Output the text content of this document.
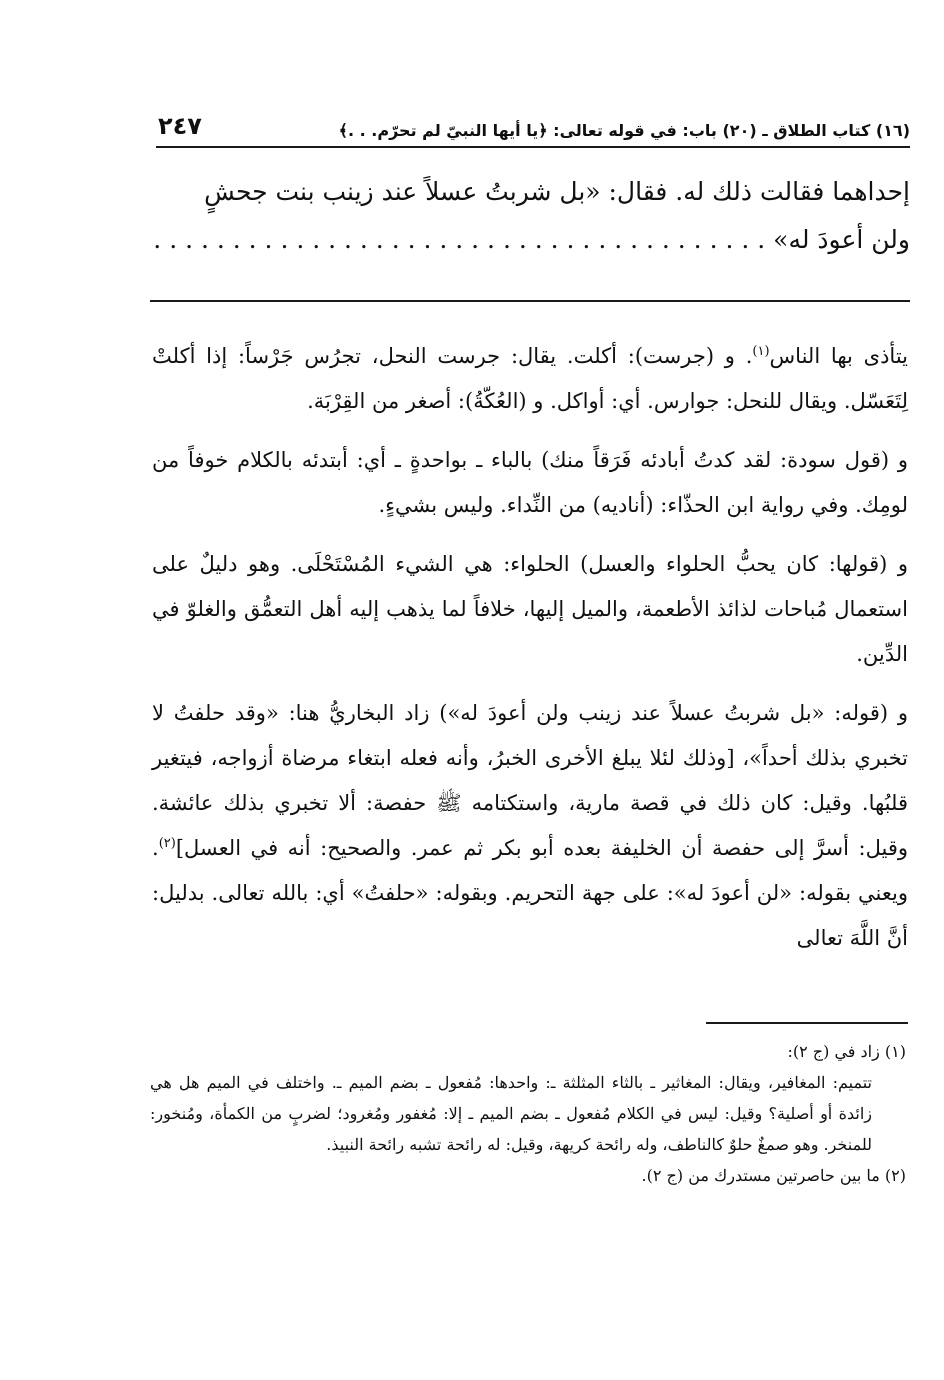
(١٦) كتاب الطلاق ـ (٢٠) باب: في قوله تعالى: ﴿يا أيها النبيّ لم تحرّم. . .﴾
٢٤٧
إحداهما فقالت ذلك له. فقال: «بل شربتُ عسلاً عند زينب بنت جحشٍ
ولن أعودَ له» . . .

يتأذى بها الناس$^{(١)}$. و (جرست): أكلت. يقال: جرست النحل، تجرُس جَرْساً: إذا أكلتْ لِتَعَسّل. ويقال للنحل: جوارس. أي: أواكل. و (العُكّةُ): أصغر من القِرْبَة.

و (قول سودة: لقد كدتُ أبادئه فَرَقاً منك) بالباء ـ بواحدةٍ ـ أي: أبتدئه بالكلام خوفاً من لومِك. وفي رواية ابن الحذّاء: (أناديه) من النِّداء. وليس بشيءٍ.

و (قولها: كان يحبُّ الحلواء والعسل) الحلواء: هي الشيء المُسْتَحْلَى. وهو دليلٌ على استعمال مُباحات لذائذ الأطعمة، والميل إليها، خلافاً لما يذهب إليه أهل التعمُّق والغلوّ في الدِّين.

و (قوله: «بل شربتُ عسلاً عند زينب ولن أعودَ له») زاد البخاريُّ هنا: «وقد حلفتُ لا تخبري بذلك أحداً»، [وذلك لئلا يبلغ الأخرى الخبرُ، وأنه فعله ابتغاء مرضاة أزواجه، فيتغير قلبُها. وقيل: كان ذلك في قصة مارية، واستكتامه ﷺ حفصة: ألا تخبري بذلك عائشة. وقيل: أسرَّ إلى حفصة أن الخليفة بعده أبو بكر ثم عمر. والصحيح: أنه في العسل]$^{(٢)}$. ويعني بقوله: «لن أعودَ له»: على جهة التحريم. وبقوله: «حلفتُ» أي: بالله تعالى. بدليل: أنَّ اللَّهَ تعالى

(١) زاد في (ج ٢):

تتميم: المغافير، ويقال: المغاثير ـ بالثاء المثلثة ـ: واحدها: مُفعول ـ بضم الميم ـ. واختلف في الميم هل هي زائدة أو أصلية؟ وقيل: ليس في الكلام مُفعول ـ بضم الميم ـ إلا: مُغفور ومُغرود؛ لضربٍ من الكمأة، ومُنخور: للمنخر. وهو صمغٌ حلوٌ كالناطف، وله رائحة كريهة، وقيل: له رائحة تشبه رائحة النبيذ.

(٢) ما بين حاصرتين مستدرك من (ج ٢).
